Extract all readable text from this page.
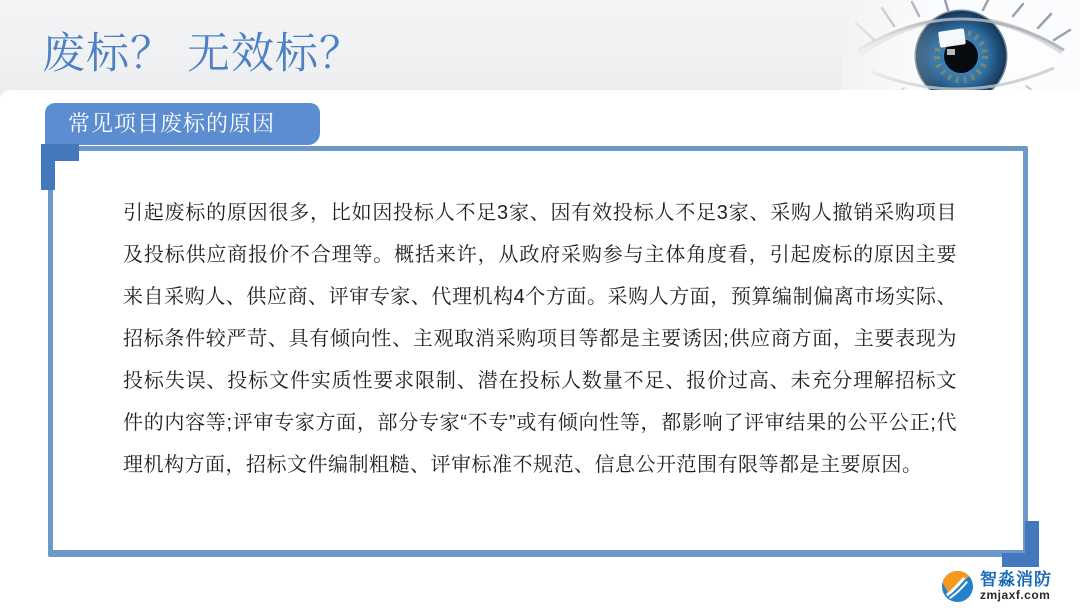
废标？ 无效标？
常见项目废标的原因

引起废标的原因很多，比如因投标人不足3家、因有效投标人不足3家、采购人撤销采购项目及投标供应商报价不合理等。概括来许，从政府采购参与主体角度看，引起废标的原因主要来自采购人、供应商、评审专家、代理机构4个方面。采购人方面，预算编制偏离市场实际、招标条件较严苛、具有倾向性、主观取消采购项目等都是主要诱因;供应商方面，主要表现为投标失误、投标文件实质性要求限制、潜在投标人数量不足、报价过高、未充分理解招标文件的内容等;评审专家方面，部分专家“不专”或有倾向性等，都影响了评审结果的公平公正;代理机构方面，招标文件编制粗糙、评审标准不规范、信息公开范围有限等都是主要原因。

智淼消防
zmjaxf.com
